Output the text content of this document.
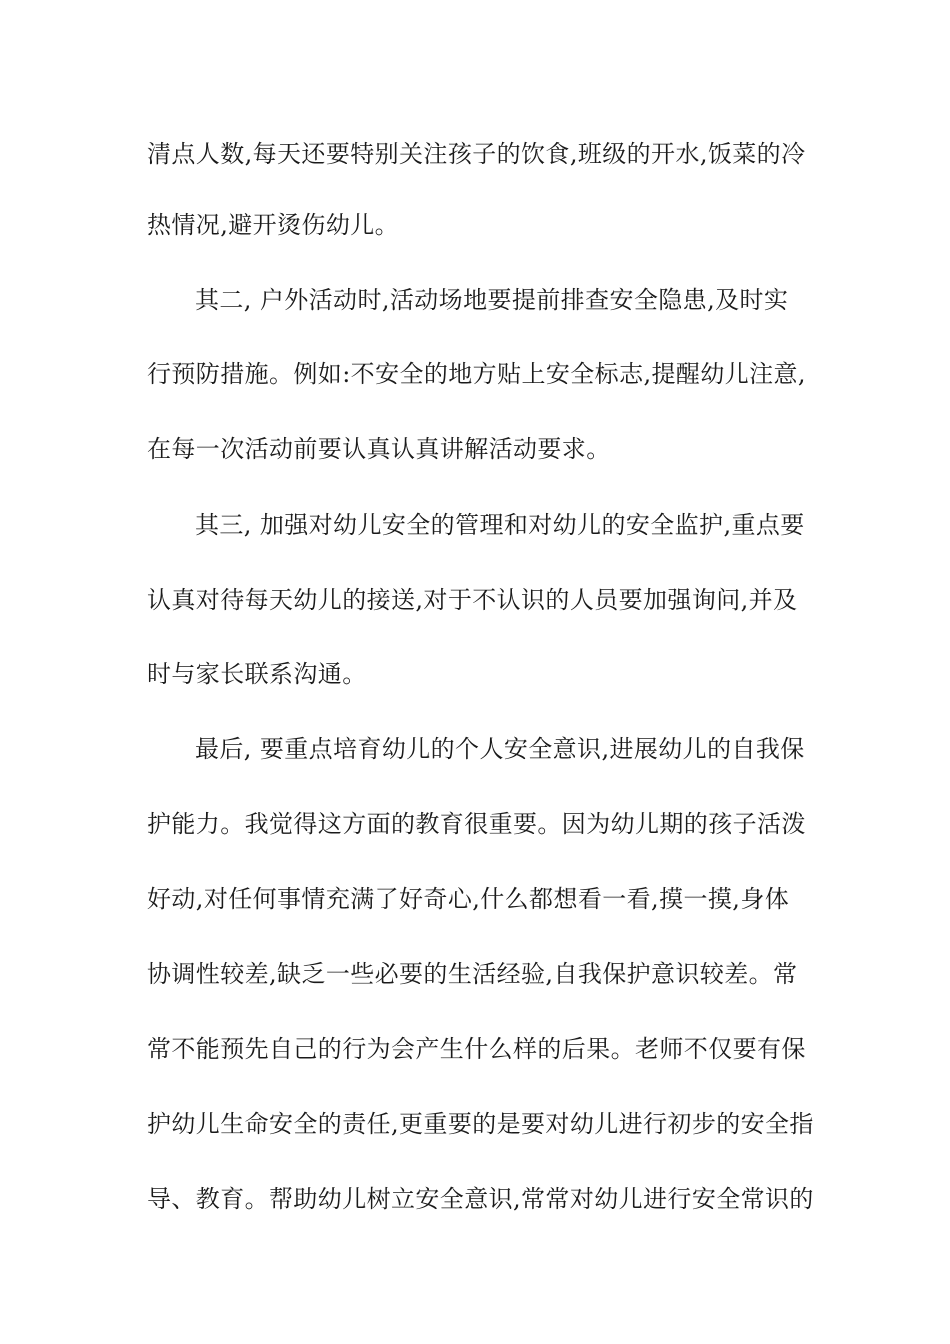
清点人数,每天还要特别关注孩子的饮食,班级的开水,饭菜的冷
热情况,避开烫伤幼儿。
其二, 户外活动时,活动场地要提前排查安全隐患,及时实
行预防措施。例如:不安全的地方贴上安全标志,提醒幼儿注意,
在每一次活动前要认真认真讲解活动要求。
其三, 加强对幼儿安全的管理和对幼儿的安全监护,重点要
认真对待每天幼儿的接送,对于不认识的人员要加强询问,并及
时与家长联系沟通。
最后, 要重点培育幼儿的个人安全意识,进展幼儿的自我保
护能力。我觉得这方面的教育很重要。因为幼儿期的孩子活泼
好动,对任何事情充满了好奇心,什么都想看一看,摸一摸,身体
协调性较差,缺乏一些必要的生活经验,自我保护意识较差。常
常不能预先自己的行为会产生什么样的后果。老师不仅要有保
护幼儿生命安全的责任,更重要的是要对幼儿进行初步的安全指
导、教育。帮助幼儿树立安全意识,常常对幼儿进行安全常识的
